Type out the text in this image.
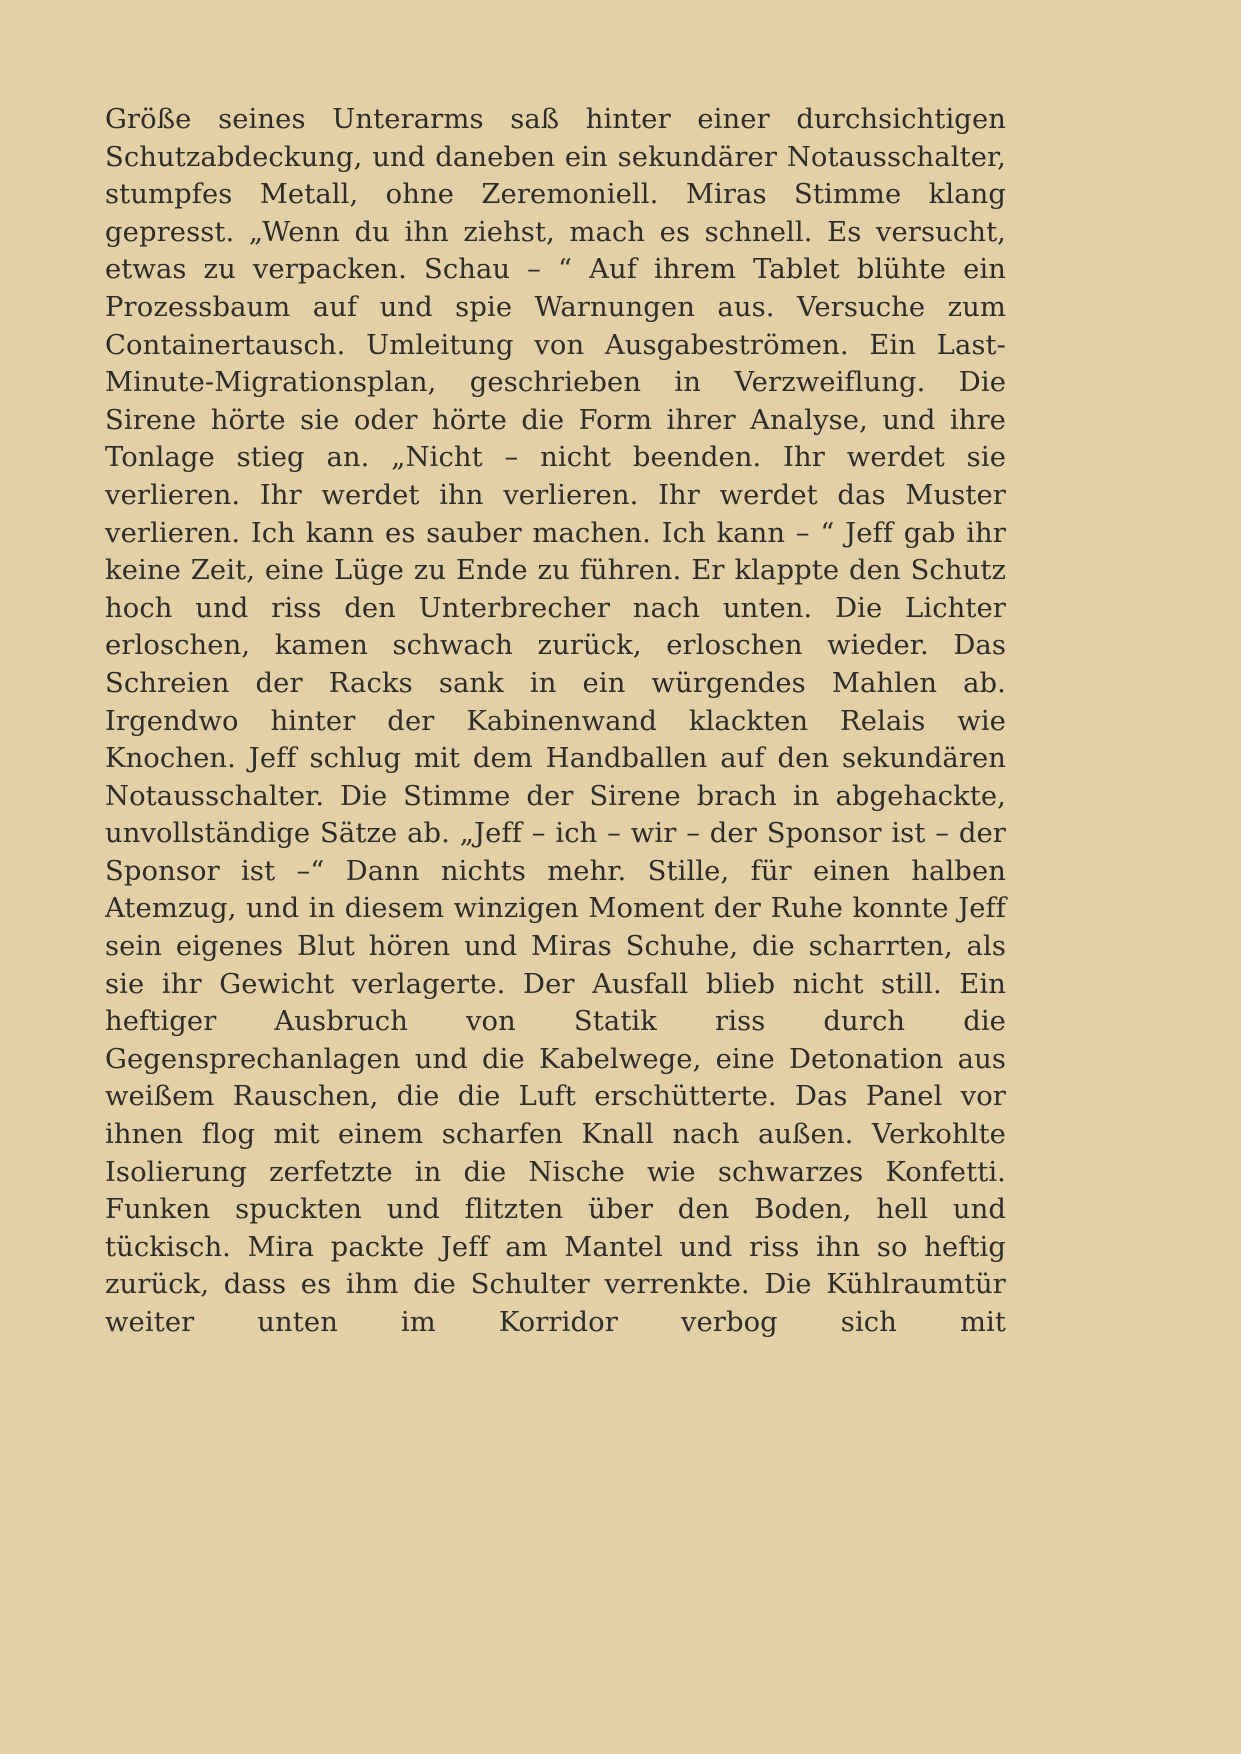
Größe seines Unterarms saß hinter einer durchsichtigen Schutzabdeckung, und daneben ein sekundärer Notausschalter, stumpfes Metall, ohne Zeremoniell. Miras Stimme klang gepresst. „Wenn du ihn ziehst, mach es schnell. Es versucht, etwas zu verpacken. Schau – “ Auf ihrem Tablet blühte ein Prozessbaum auf und spie Warnungen aus. Versuche zum Containertausch. Umleitung von Ausgabeströmen. Ein Last-Minute-Migrationsplan, geschrieben in Verzweiflung. Die Sirene hörte sie oder hörte die Form ihrer Analyse, und ihre Tonlage stieg an. „Nicht – nicht beenden. Ihr werdet sie verlieren. Ihr werdet ihn verlieren. Ihr werdet das Muster verlieren. Ich kann es sauber machen. Ich kann – “ Jeff gab ihr keine Zeit, eine Lüge zu Ende zu führen. Er klappte den Schutz hoch und riss den Unterbrecher nach unten. Die Lichter erloschen, kamen schwach zurück, erloschen wieder. Das Schreien der Racks sank in ein würgendes Mahlen ab. Irgendwo hinter der Kabinenwand klackten Relais wie Knochen. Jeff schlug mit dem Handballen auf den sekundären Notausschalter. Die Stimme der Sirene brach in abgehackte, unvollständige Sätze ab. „Jeff – ich – wir – der Sponsor ist – der Sponsor ist –“ Dann nichts mehr. Stille, für einen halben Atemzug, und in diesem winzigen Moment der Ruhe konnte Jeff sein eigenes Blut hören und Miras Schuhe, die scharrten, als sie ihr Gewicht verlagerte. Der Ausfall blieb nicht still. Ein heftiger Ausbruch von Statik riss durch die Gegensprechanlagen und die Kabelwege, eine Detonation aus weißem Rauschen, die die Luft erschütterte. Das Panel vor ihnen flog mit einem scharfen Knall nach außen. Verkohlte Isolierung zerfetzte in die Nische wie schwarzes Konfetti. Funken spuckten und flitzten über den Boden, hell und tückisch. Mira packte Jeff am Mantel und riss ihn so heftig zurück, dass es ihm die Schulter verrenkte. Die Kühlraumtür weiter unten im Korridor verbog sich mit
